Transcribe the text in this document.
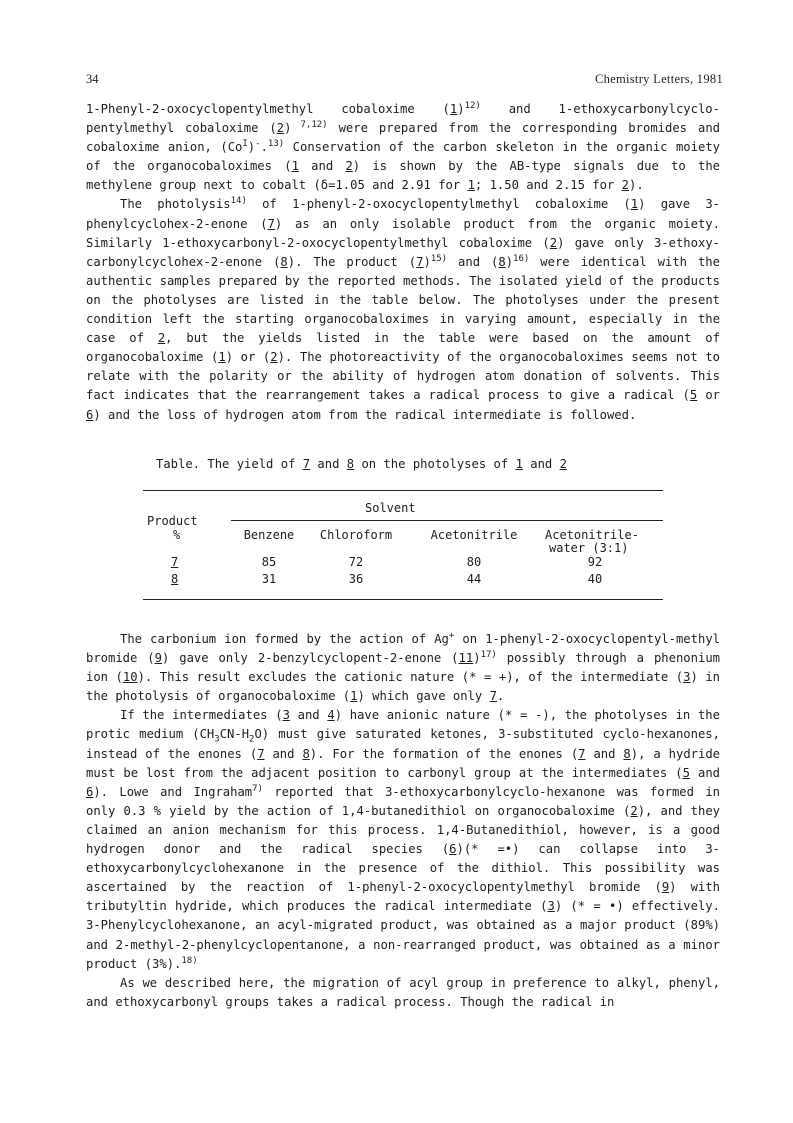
34	Chemistry Letters, 1981

1-Phenyl-2-oxocyclopentylmethyl cobaloxime $(1)^{12)}$ and 1-ethoxycarbonylcyclo-pentylmethyl cobaloxime (2) $^{7,12)}$ were prepared from the corresponding bromides and cobaloxime anion, $(Co^I)^-.^{13)}$ Conservation of the carbon skeleton in the organic moiety of the organocobaloximes (1 and 2) is shown by the AB-type signals due to the methylene group next to cobalt (δ=1.05 and 2.91 for 1; 1.50 and 2.15 for 2).

The photolysis$^{14)}$ of 1-phenyl-2-oxocyclopentylmethyl cobaloxime (1) gave 3-phenylcyclohex-2-enone (7) as an only isolable product from the organic moiety. Similarly 1-ethoxycarbonyl-2-oxocyclopentylmethyl cobaloxime (2) gave only 3-ethoxy-carbonylcyclohex-2-enone (8). The product $(7)^{15)}$ and $(8)^{16)}$ were identical with the authentic samples prepared by the reported methods. The isolated yield of the products on the photolyses are listed in the table below. The photolyses under the present condition left the starting organocobaloximes in varying amount, especially in the case of 2, but the yields listed in the table were based on the amount of organocobaloxime (1) or (2). The photoreactivity of the organocobaloximes seems not to relate with the polarity or the ability of hydrogen atom donation of solvents. This fact indicates that the rearrangement takes a radical process to give a radical (5 or 6) and the loss of hydrogen atom from the radical intermediate is followed.

Table. The yield of 7 and 8 on the photolyses of 1 and 2
Solvent
Product
%	Benzene	Chloroform	Acetonitrile	Acetonitrile-
water (3:1)
7	85	72	80	92
8	31	36	44	40

The carbonium ion formed by the action of Ag+ on 1-phenyl-2-oxocyclopentyl-methyl bromide (9) gave only 2-benzylcyclopent-2-enone $(11)^{17)}$ possibly through a phenonium ion (10). This result excludes the cationic nature (* = +), of the intermediate (3) in the photolysis of organocobaloxime (1) which gave only 7.

If the intermediates (3 and 4) have anionic nature (* = -), the photolyses in the protic medium $(CH_3CN-H_2O)$ must give saturated ketones, 3-substituted cyclo-hexanones, instead of the enones (7 and 8). For the formation of the enones (7 and 8), a hydride must be lost from the adjacent position to carbonyl group at the intermediates (5 and 6). Lowe and Ingraham$^{7)}$ reported that 3-ethoxycarbonylcyclo-hexanone was formed in only 0.3 % yield by the action of 1,4-butanedithiol on organocobaloxime (2), and they claimed an anion mechanism for this process. 1,4-Butanedithiol, however, is a good hydrogen donor and the radical species (6)(* =•) can collapse into 3-ethoxycarbonylcyclohexanone in the presence of the dithiol. This possibility was ascertained by the reaction of 1-phenyl-2-oxocyclopentylmethyl bromide (9) with tributyltin hydride, which produces the radical intermediate (3) (* = •) effectively. 3-Phenylcyclohexanone, an acyl-migrated product, was obtained as a major product (89%) and 2-methyl-2-phenylcyclopentanone, a non-rearranged product, was obtained as a minor product (3%).$^{18)}$

As we described here, the migration of acyl group in preference to alkyl, phenyl, and ethoxycarbonyl groups takes a radical process. Though the radical in
